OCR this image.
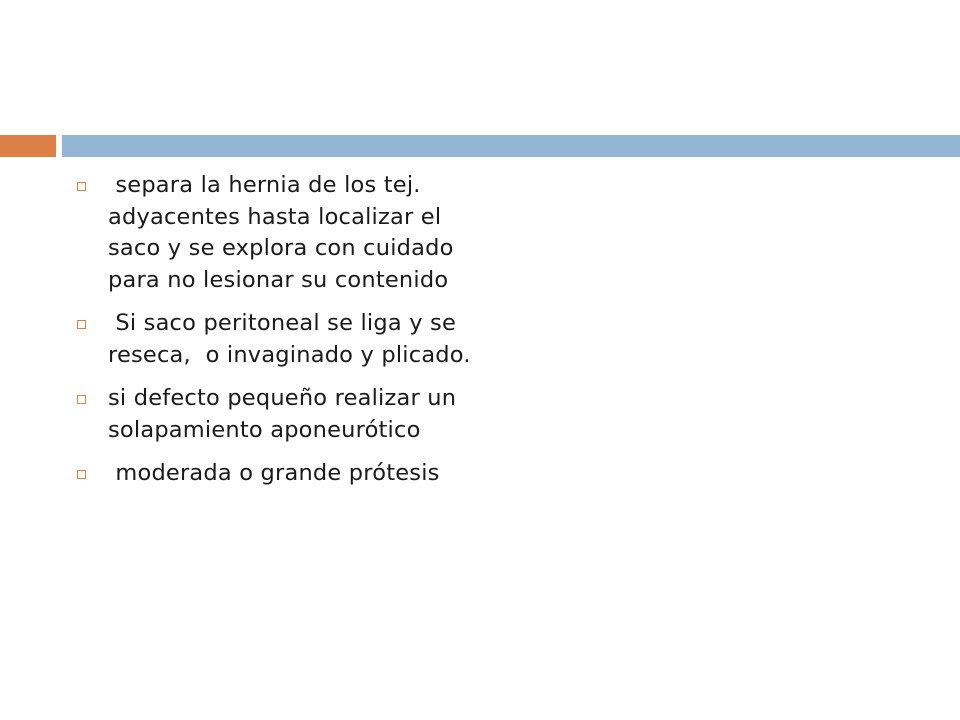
separa la hernia de los tej. adyacentes hasta localizar el saco y se explora con cuidado para no lesionar su contenido
Si saco peritoneal se liga y se reseca,  o invaginado y plicado.
si defecto pequeño realizar un solapamiento aponeurótico
moderada o grande prótesis
